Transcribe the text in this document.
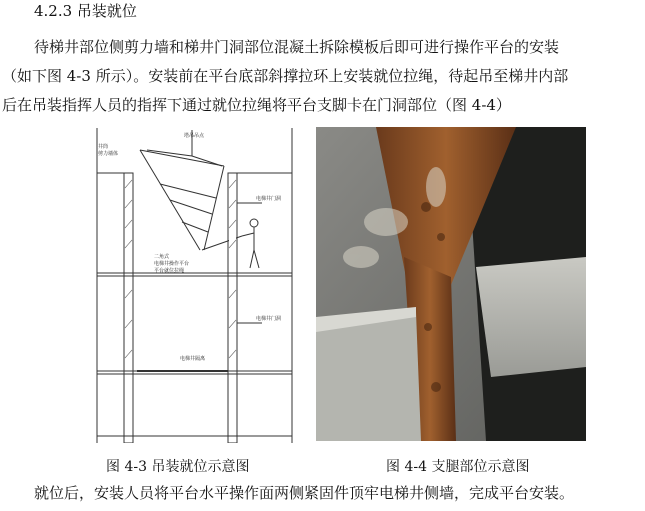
4.2.3 吊装就位
待梯井部位侧剪力墙和梯井门洞部位混凝土拆除模板后即可进行操作平台的安装
（如下图 4-3 所示）。安装前在平台底部斜撑拉环上安装就位拉绳，待起吊至梯井内部
后在吊装指挥人员的指挥下通过就位拉绳将平台支脚卡在门洞部位（图 4-4）
塔吊吊点
井筒
剪力墙体
电梯井门洞
二角式
电梯井操作平台
平台就位拉绳
电梯井门洞
电梯井隔离
图 4-3 吊装就位示意图	图 4-4 支腿部位示意图
就位后，安装人员将平台水平操作面两侧紧固件顶牢电梯井侧墙，完成平台安装。
